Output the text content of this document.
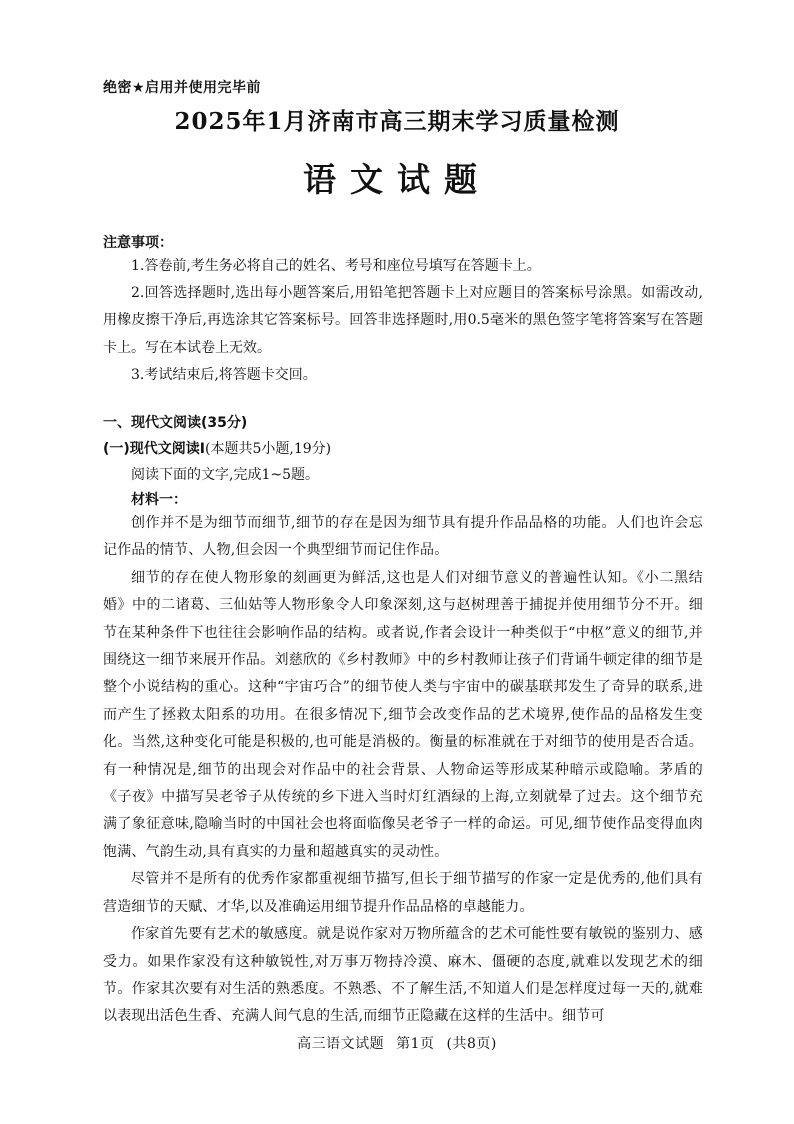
绝密★启用并使用完毕前
2025年1月济南市高三期末学习质量检测
语文试题
注意事项：

1.答卷前,考生务必将自己的姓名、考号和座位号填写在答题卡上。

2.回答选择题时,选出每小题答案后,用铅笔把答题卡上对应题目的答案标号涂黑。如需改动,用橡皮擦干净后,再选涂其它答案标号。回答非选择题时,用0.5毫米的黑色签字笔将答案写在答题卡上。写在本试卷上无效。

3.考试结束后,将答题卡交回。

一、现代文阅读(35分)
(一)现代文阅读Ⅰ(本题共5小题,19分)
阅读下面的文字,完成1~5题。
材料一：

创作并不是为细节而细节,细节的存在是因为细节具有提升作品品格的功能。人们也许会忘记作品的情节、人物,但会因一个典型细节而记住作品。

细节的存在使人物形象的刻画更为鲜活,这也是人们对细节意义的普遍性认知。《小二黑结婚》中的二诸葛、三仙姑等人物形象令人印象深刻,这与赵树理善于捕捉并使用细节分不开。细节在某种条件下也往往会影响作品的结构。或者说,作者会设计一种类似于“中枢”意义的细节,并围绕这一细节来展开作品。刘慈欣的《乡村教师》中的乡村教师让孩子们背诵牛顿定律的细节是整个小说结构的重心。这种“宇宙巧合”的细节使人类与宇宙中的碳基联邦发生了奇异的联系,进而产生了拯救太阳系的功用。在很多情况下,细节会改变作品的艺术境界,使作品的品格发生变化。当然,这种变化可能是积极的,也可能是消极的。衡量的标准就在于对细节的使用是否合适。有一种情况是,细节的出现会对作品中的社会背景、人物命运等形成某种暗示或隐喻。茅盾的《子夜》中描写吴老爷子从传统的乡下进入当时灯红酒绿的上海,立刻就晕了过去。这个细节充满了象征意味,隐喻当时的中国社会也将面临像吴老爷子一样的命运。可见,细节使作品变得血肉饱满、气韵生动,具有真实的力量和超越真实的灵动性。

尽管并不是所有的优秀作家都重视细节描写,但长于细节描写的作家一定是优秀的,他们具有营造细节的天赋、才华,以及准确运用细节提升作品品格的卓越能力。

作家首先要有艺术的敏感度。就是说作家对万物所蕴含的艺术可能性要有敏锐的鉴别力、感受力。如果作家没有这种敏锐性,对万事万物持冷漠、麻木、僵硬的态度,就难以发现艺术的细节。作家其次要有对生活的熟悉度。不熟悉、不了解生活,不知道人们是怎样度过每一天的,就难以表现出活色生香、充满人间气息的生活,而细节正隐藏在这样的生活中。细节可

高三语文试题 第1页 (共8页)
